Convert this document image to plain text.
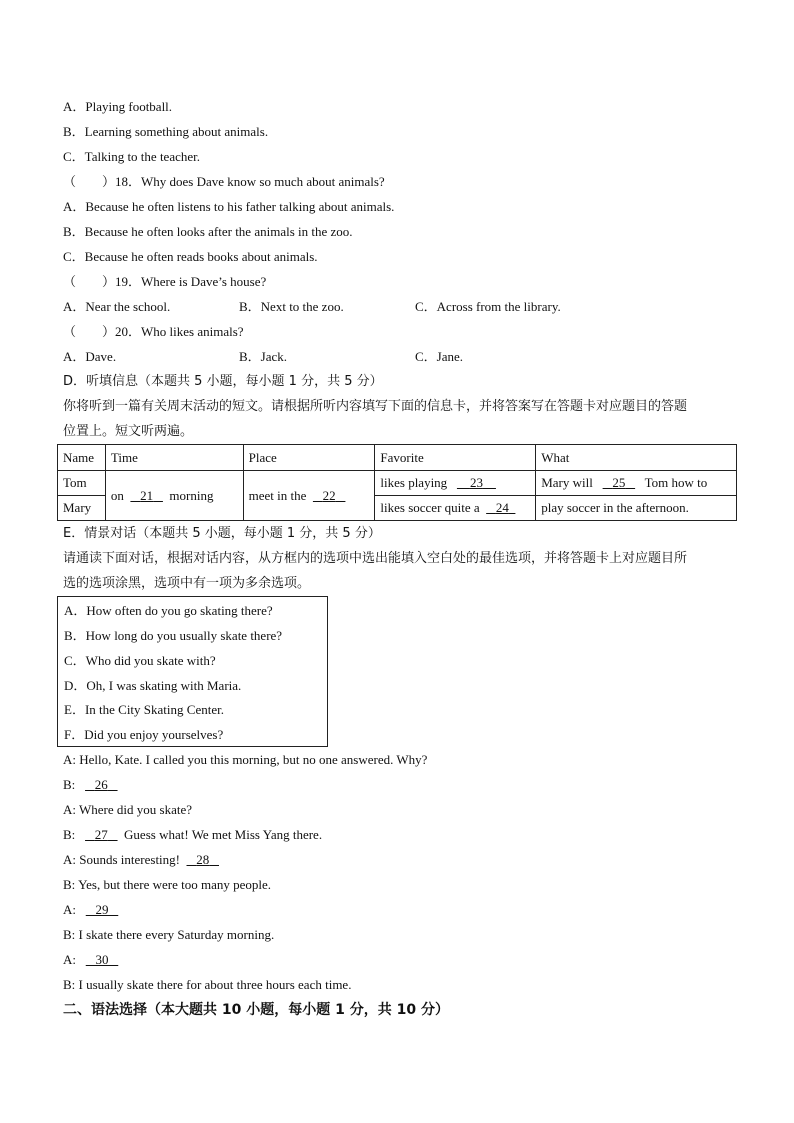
A．Playing football.
B．Learning something about animals.
C．Talking to the teacher.
（　　）18．Why does Dave know so much about animals?
A．Because he often listens to his father talking about animals.
B．Because he often looks after the animals in the zoo.
C．Because he often reads books about animals.
（　　）19．Where is Dave’s house?
A．Near the school.	B．Next to the zoo.	C．Across from the library.
（　　）20．Who likes animals?
A．Dave.	B．Jack.	C．Jane.
D．听填信息（本题共 5 小题，每小题 1 分，共 5 分）
你将听到一篇有关周末活动的短文。请根据所听内容填写下面的信息卡，并将答案写在答题卡对应题目的答题
位置上。短文听两遍。
Name	Time	Place	Favorite	What
Tom	on 21 morning	meet in the 22	likes playing 23	Mary will 25 Tom how to
Mary			likes soccer quite a 24	play soccer in the afternoon.
E．情景对话（本题共 5 小题，每小题 1 分，共 5 分）
请通读下面对话，根据对话内容，从方框内的选项中选出能填入空白处的最佳选项，并将答题卡上对应题目所
选的选项涂黑，选项中有一项为多余选项。
A．How often do you go skating there?
B．How long do you usually skate there?
C．Who did you skate with?
D．Oh, I was skating with Maria.
E．In the City Skating Center.
F．Did you enjoy yourselves?
A: Hello, Kate. I called you this morning, but no one answered. Why?
B: 26
A: Where did you skate?
B: 27 Guess what! We met Miss Yang there.
A: Sounds interesting! 28
B: Yes, but there were too many people.
A: 29
B: I skate there every Saturday morning.
A: 30
B: I usually skate there for about three hours each time.
二、语法选择（本大题共 10 小题，每小题 1 分，共 10 分）
